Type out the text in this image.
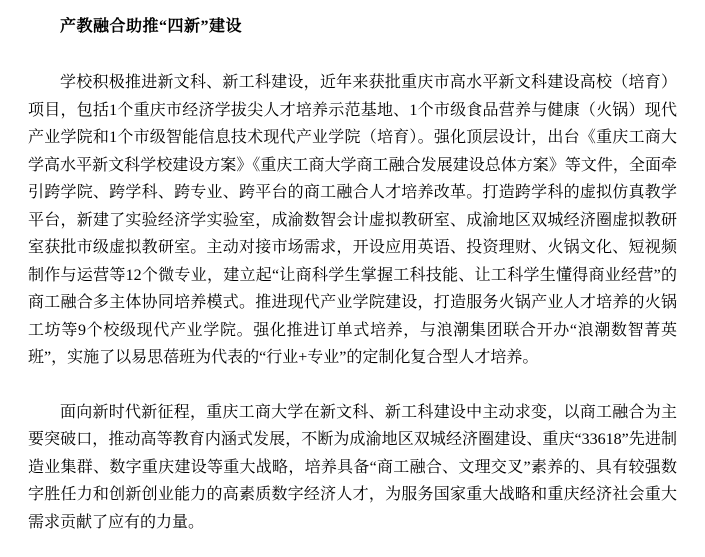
产教融合助推“四新”建设

学校积极推进新文科、新工科建设，近年来获批重庆市高水平新文科建设高校（培育）项目，包括1个重庆市经济学拔尖人才培养示范基地、1个市级食品营养与健康（火锅）现代产业学院和1个市级智能信息技术现代产业学院（培育）。强化顶层设计，出台《重庆工商大学高水平新文科学校建设方案》《重庆工商大学商工融合发展建设总体方案》等文件，全面牵引跨学院、跨学科、跨专业、跨平台的商工融合人才培养改革。打造跨学科的虚拟仿真教学平台，新建了实验经济学实验室，成渝数智会计虚拟教研室、成渝地区双城经济圈虚拟教研室获批市级虚拟教研室。主动对接市场需求，开设应用英语、投资理财、火锅文化、短视频制作与运营等12个微专业，建立起“让商科学生掌握工科技能、让工科学生懂得商业经营”的商工融合多主体协同培养模式。推进现代产业学院建设，打造服务火锅产业人才培养的火锅工坊等9个校级现代产业学院。强化推进订单式培养，与浪潮集团联合开办“浪潮数智菁英班”，实施了以易思蓓班为代表的“行业+专业”的定制化复合型人才培养。

面向新时代新征程，重庆工商大学在新文科、新工科建设中主动求变，以商工融合为主要突破口，推动高等教育内涵式发展，不断为成渝地区双城经济圈建设、重庆“33618”先进制造业集群、数字重庆建设等重大战略，培养具备“商工融合、文理交叉”素养的、具有较强数字胜任力和创新创业能力的高素质数字经济人才，为服务国家重大战略和重庆经济社会重大需求贡献了应有的力量。
